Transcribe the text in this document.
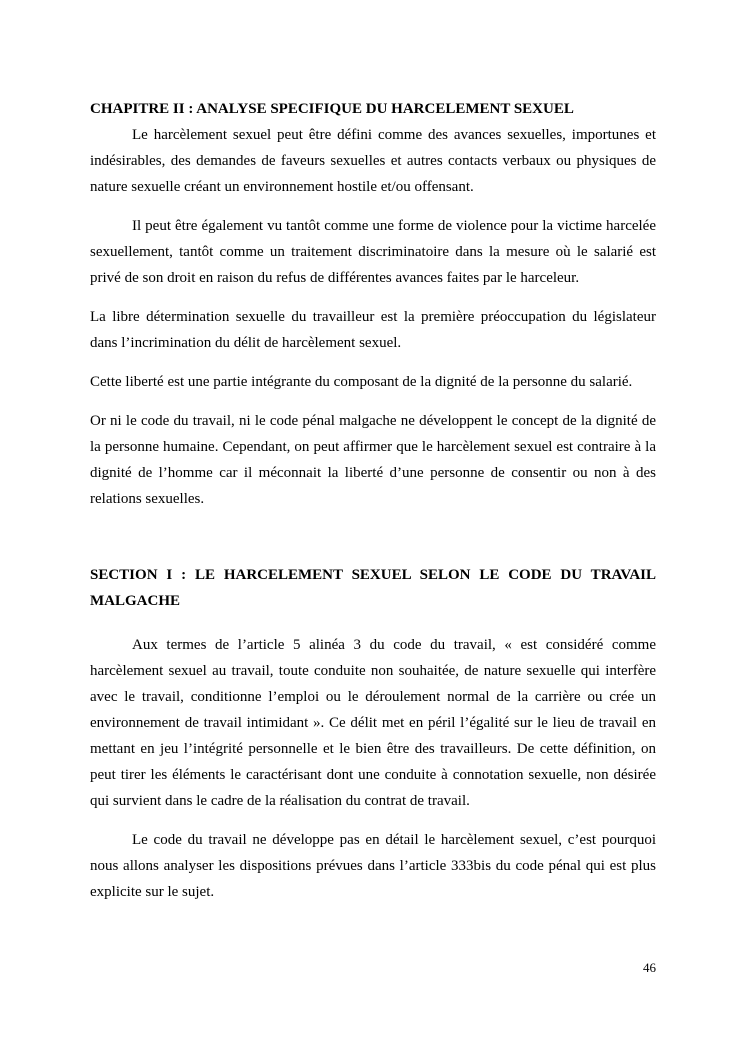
CHAPITRE II : ANALYSE SPECIFIQUE DU HARCELEMENT SEXUEL

Le harcèlement sexuel peut être défini comme des avances sexuelles, importunes et indésirables, des demandes de faveurs sexuelles et autres contacts verbaux ou physiques de nature sexuelle créant un environnement hostile et/ou offensant.

Il peut être également vu tantôt comme une forme de violence pour la victime harcelée sexuellement, tantôt comme un traitement discriminatoire dans la mesure où le salarié est privé de son droit en raison du refus de différentes avances faites par le harceleur.

La libre détermination sexuelle du travailleur est la première préoccupation du législateur dans l’incrimination du délit de harcèlement sexuel.

Cette liberté est une partie intégrante du composant de la dignité de la personne du salarié.

Or ni le code du travail, ni le code pénal malgache ne développent le concept de la dignité de la personne humaine. Cependant, on peut affirmer que le harcèlement sexuel est contraire à la dignité de l’homme car il méconnait la liberté d’une personne de consentir ou non à des relations sexuelles.

SECTION I : LE HARCELEMENT SEXUEL SELON LE CODE DU TRAVAIL
MALGACHE

Aux termes de l’article 5 alinéa 3 du code du travail, « est considéré comme harcèlement sexuel au travail, toute conduite non souhaitée, de nature sexuelle qui interfère avec le travail, conditionne l’emploi ou le déroulement normal de la carrière ou crée un environnement de travail intimidant ». Ce délit met en péril l’égalité sur le lieu de travail en mettant en jeu l’intégrité personnelle et le bien être des travailleurs. De cette définition, on peut tirer les éléments le caractérisant dont une conduite à connotation sexuelle, non désirée qui survient dans le cadre de la réalisation du contrat de travail.

Le code du travail ne développe pas en détail le harcèlement sexuel, c’est pourquoi nous allons analyser les dispositions prévues dans l’article 333bis du code pénal qui est plus explicite sur le sujet.

46
